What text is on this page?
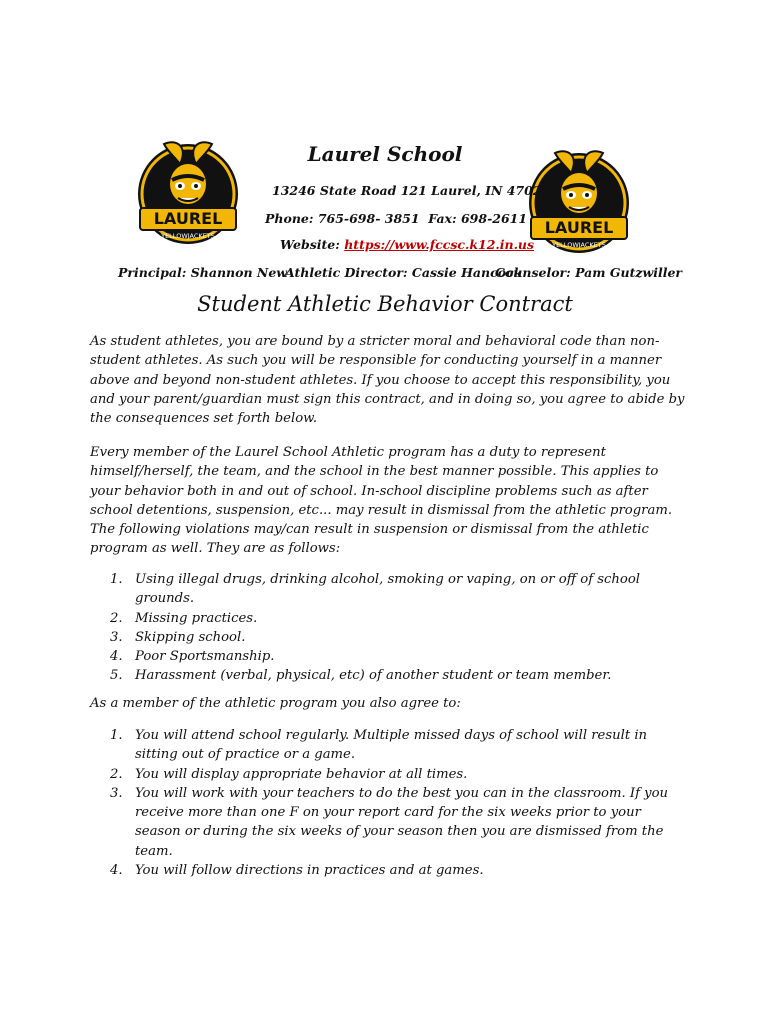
LAUREL
YELLOWJACKETS	LAUREL
YELLOWJACKETS
Laurel School
13246 State Road 121 Laurel, IN 47024
Phone: 765-698- 3851 Fax: 698-2611
Website: https://www.fccsc.k12.in.us
Principal: Shannon New
Athletic Director: Cassie Hancock
Counselor: Pam Gutzwiller
Student Athletic Behavior Contract

As student athletes, you are bound by a stricter moral and behavioral code than non-student athletes. As such you will be responsible for conducting yourself in a manner above and beyond non-student athletes. If you choose to accept this responsibility, you and your parent/guardian must sign this contract, and in doing so, you agree to abide by the consequences set forth below.

Every member of the Laurel School Athletic program has a duty to represent himself/herself, the team, and the school in the best manner possible. This applies to your behavior both in and out of school. In-school discipline problems such as after school detentions, suspension, etc... may result in dismissal from the athletic program. The following violations may/can result in suspension or dismissal from the athletic program as well. They are as follows:

1. Using illegal drugs, drinking alcohol, smoking or vaping, on or off of school grounds.
2. Missing practices.
3. Skipping school.
4. Poor Sportsmanship.
5. Harassment (verbal, physical, etc) of another student or team member.

As a member of the athletic program you also agree to:

1. You will attend school regularly. Multiple missed days of school will result in sitting out of practice or a game.
2. You will display appropriate behavior at all times.
3. You will work with your teachers to do the best you can in the classroom. If you receive more than one F on your report card for the six weeks prior to your season or during the six weeks of your season then you are dismissed from the team.
4. You will follow directions in practices and at games.
